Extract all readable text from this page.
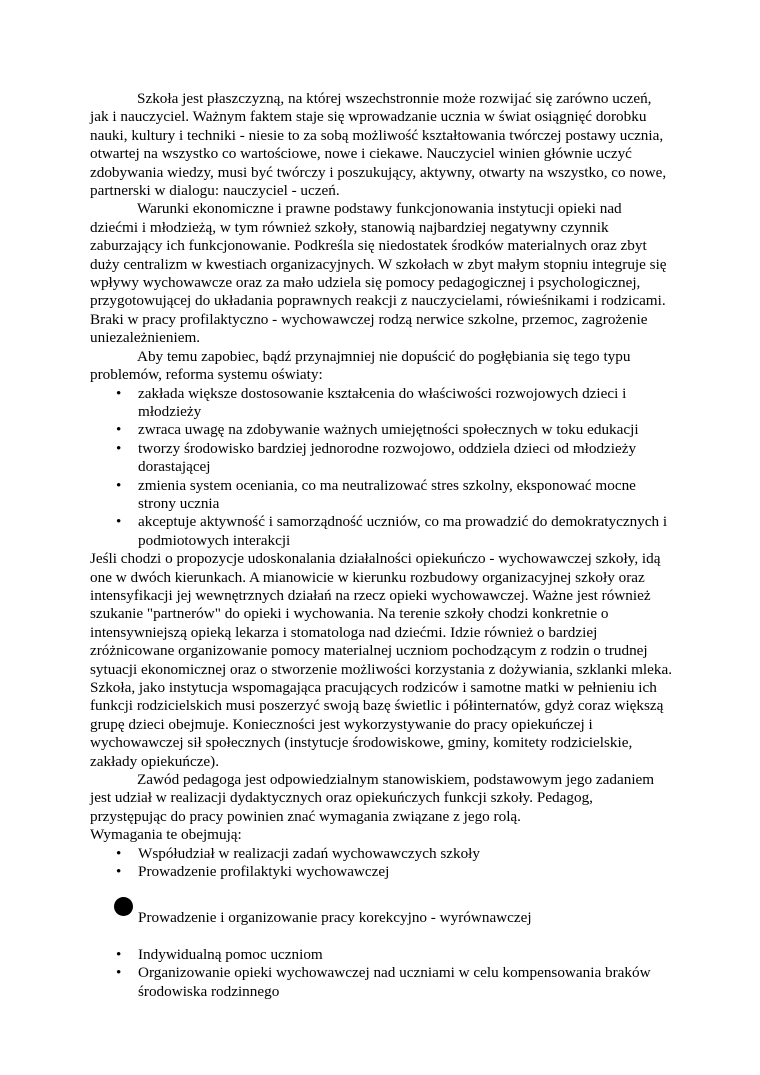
Szkoła jest płaszczyzną, na której wszechstronnie może rozwijać się zarówno uczeń, jak i nauczyciel. Ważnym faktem staje się wprowadzanie ucznia w świat osiągnięć dorobku nauki, kultury i techniki - niesie to za sobą możliwość kształtowania twórczej postawy ucznia, otwartej na wszystko co wartościowe, nowe i ciekawe. Nauczyciel winien głównie uczyć zdobywania wiedzy, musi być twórczy i poszukujący, aktywny, otwarty na wszystko, co nowe, partnerski w dialogu: nauczyciel - uczeń.

Warunki ekonomiczne i prawne podstawy funkcjonowania instytucji opieki nad dziećmi i młodzieżą, w tym również szkoły, stanowią najbardziej negatywny czynnik zaburzający ich funkcjonowanie. Podkreśla się niedostatek środków materialnych oraz zbyt duży centralizm w kwestiach organizacyjnych. W szkołach w zbyt małym stopniu integruje się wpływy wychowawcze oraz za mało udziela się pomocy pedagogicznej i psychologicznej, przygotowującej do układania poprawnych reakcji z nauczycielami, rówieśnikami i rodzicami. Braki w pracy profilaktyczno - wychowawczej rodzą nerwice szkolne, przemoc, zagrożenie uniezależnieniem.

Aby temu zapobiec, bądź przynajmniej nie dopuścić do pogłębiania się tego typu problemów, reforma systemu oświaty:

• zakłada większe dostosowanie kształcenia do właściwości rozwojowych dzieci i młodzieży
• zwraca uwagę na zdobywanie ważnych umiejętności społecznych w toku edukacji
• tworzy środowisko bardziej jednorodne rozwojowo, oddziela dzieci od młodzieży dorastającej
• zmienia system oceniania, co ma neutralizować stres szkolny, eksponować mocne strony ucznia
• akceptuje aktywność i samorządność uczniów, co ma prowadzić do demokratycznych i podmiotowych interakcji

Jeśli chodzi o propozycje udoskonalania działalności opiekuńczo - wychowawczej szkoły, idą one w dwóch kierunkach. A mianowicie w kierunku rozbudowy organizacyjnej szkoły oraz intensyfikacji jej wewnętrznych działań na rzecz opieki wychowawczej. Ważne jest również szukanie "partnerów" do opieki i wychowania. Na terenie szkoły chodzi konkretnie o intensywniejszą opieką lekarza i stomatologa nad dziećmi. Idzie również o bardziej zróżnicowane organizowanie pomocy materialnej uczniom pochodzącym z rodzin o trudnej sytuacji ekonomicznej oraz o stworzenie możliwości korzystania z dożywiania, szklanki mleka. Szkoła, jako instytucja wspomagająca pracujących rodziców i samotne matki w pełnieniu ich funkcji rodzicielskich musi poszerzyć swoją bazę świetlic i półinternatów, gdyż coraz większą grupę dzieci obejmuje. Konieczności jest wykorzystywanie do pracy opiekuńczej i wychowawczej sił społecznych (instytucje środowiskowe, gminy, komitety rodzicielskie, zakłady opiekuńcze).

Zawód pedagoga jest odpowiedzialnym stanowiskiem, podstawowym jego zadaniem jest udział w realizacji dydaktycznych oraz opiekuńczych funkcji szkoły. Pedagog, przystępując do pracy powinien znać wymagania związane z jego rolą.

Wymagania te obejmują:

• Współudział w realizacji zadań wychowawczych szkoły
• Prowadzenie profilaktyki wychowawczej
Prowadzenie i organizowanie pracy korekcyjno - wyrównawczej
• Indywidualną pomoc uczniom
• Organizowanie opieki wychowawczej nad uczniami w celu kompensowania braków środowiska rodzinnego
